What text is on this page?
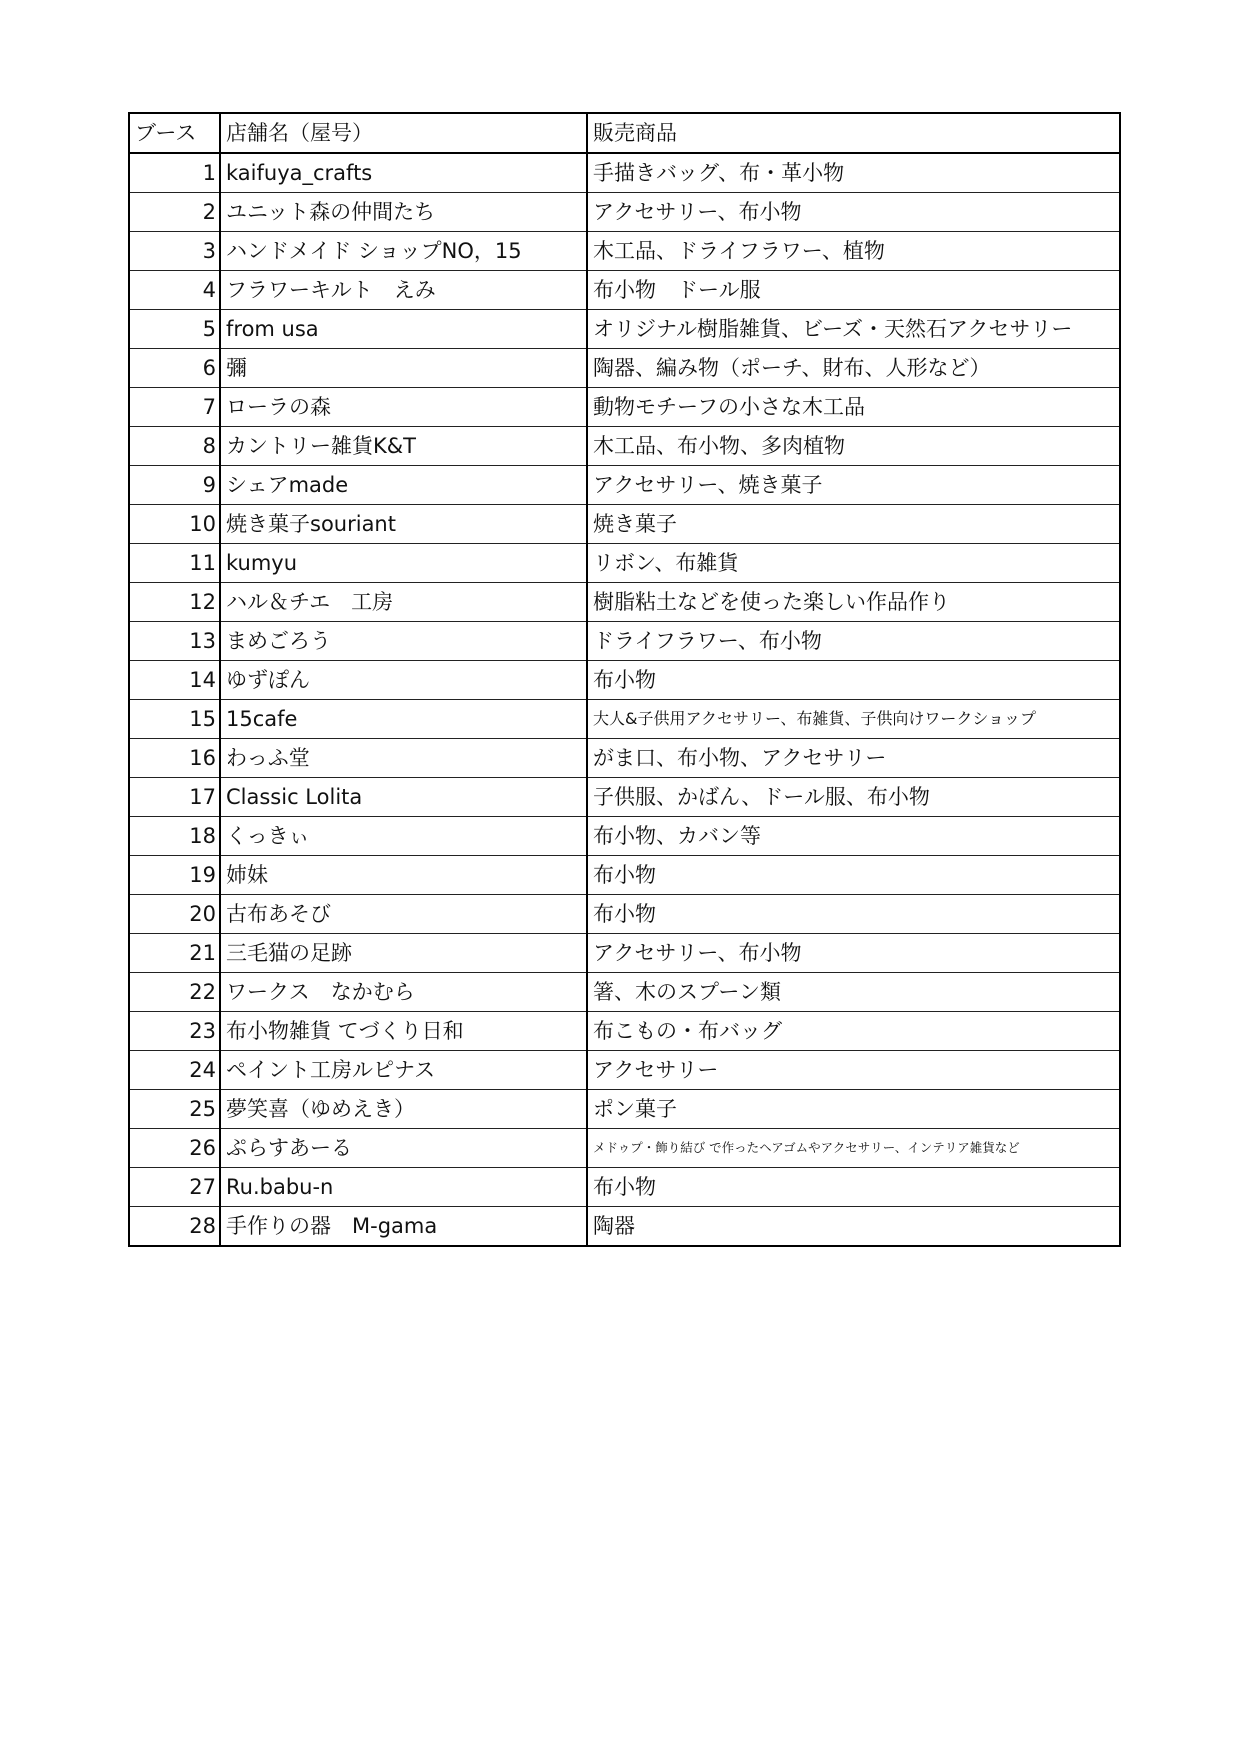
ブース	店舗名（屋号）	販売商品
1	kaifuya_crafts	手描きバッグ、布・革小物
2	ユニット森の仲間たち	アクセサリー、布小物
3	ハンドメイド ショップNO，15	木工品、ドライフラワー、植物
4	フラワーキルト　えみ	布小物　ドール服
5	from usa	オリジナル樹脂雑貨、ビーズ・天然石アクセサリー
6	彌	陶器、編み物（ポーチ、財布、人形など）
7	ローラの森	動物モチーフの小さな木工品
8	カントリー雑貨K&T	木工品、布小物、多肉植物
9	シェアmade	アクセサリー、焼き菓子
10	焼き菓子souriant	焼き菓子
11	kumyu	リボン、布雑貨
12	ハル＆チエ　工房	樹脂粘土などを使った楽しい作品作り
13	まめごろう	ドライフラワー、布小物
14	ゆずぽん	布小物
15	15cafe	大人&子供用アクセサリー、布雑貨、子供向けワークショップ
16	わっふ堂	がま口、布小物、アクセサリー
17	Classic Lolita	子供服、かばん、ドール服、布小物
18	くっきぃ	布小物、カバン等
19	姉妹	布小物
20	古布あそび	布小物
21	三毛猫の足跡	アクセサリー、布小物
22	ワークス　なかむら	箸、木のスプーン類
23	布小物雑貨 てづくり日和	布こもの・布バッグ
24	ペイント工房ルピナス	アクセサリー
25	夢笑喜（ゆめえき）	ポン菓子
26	ぷらすあーる	メドゥプ・飾り結び で作ったヘアゴムやアクセサリー、インテリア雑貨など
27	Ru.babu-n	布小物
28	手作りの器　M-gama	陶器
